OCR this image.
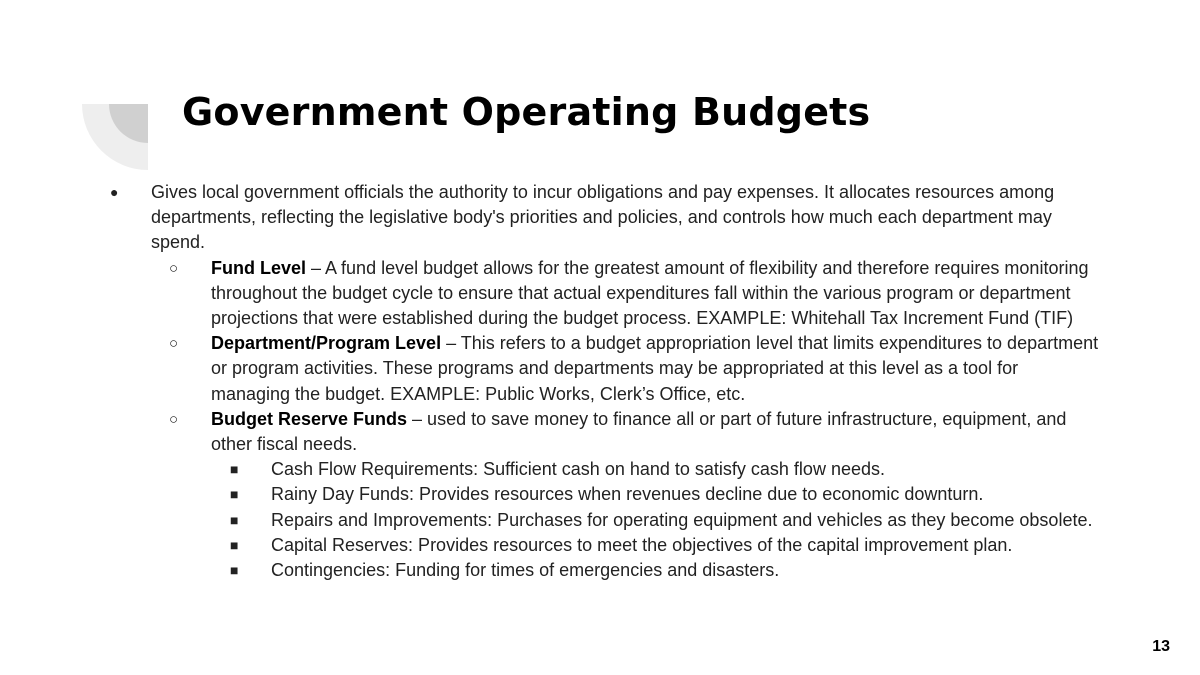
Government Operating Budgets
● Gives local government officials the authority to incur obligations and pay expenses. It allocates resources among departments, reflecting the legislative body's priorities and policies, and controls how much each department may spend.
○ Fund Level – A fund level budget allows for the greatest amount of flexibility and therefore requires monitoring throughout the budget cycle to ensure that actual expenditures fall within the various program or department projections that were established during the budget process. EXAMPLE: Whitehall Tax Increment Fund (TIF)
○ Department/Program Level – This refers to a budget appropriation level that limits expenditures to department or program activities. These programs and departments may be appropriated at this level as a tool for managing the budget. EXAMPLE: Public Works, Clerk’s Office, etc.
○ Budget Reserve Funds – used to save money to finance all or part of future infrastructure, equipment, and other fiscal needs.
■ Cash Flow Requirements: Sufficient cash on hand to satisfy cash flow needs.
■ Rainy Day Funds: Provides resources when revenues decline due to economic downturn.
■ Repairs and Improvements: Purchases for operating equipment and vehicles as they become obsolete.
■ Capital Reserves: Provides resources to meet the objectives of the capital improvement plan.
■ Contingencies: Funding for times of emergencies and disasters.
13
